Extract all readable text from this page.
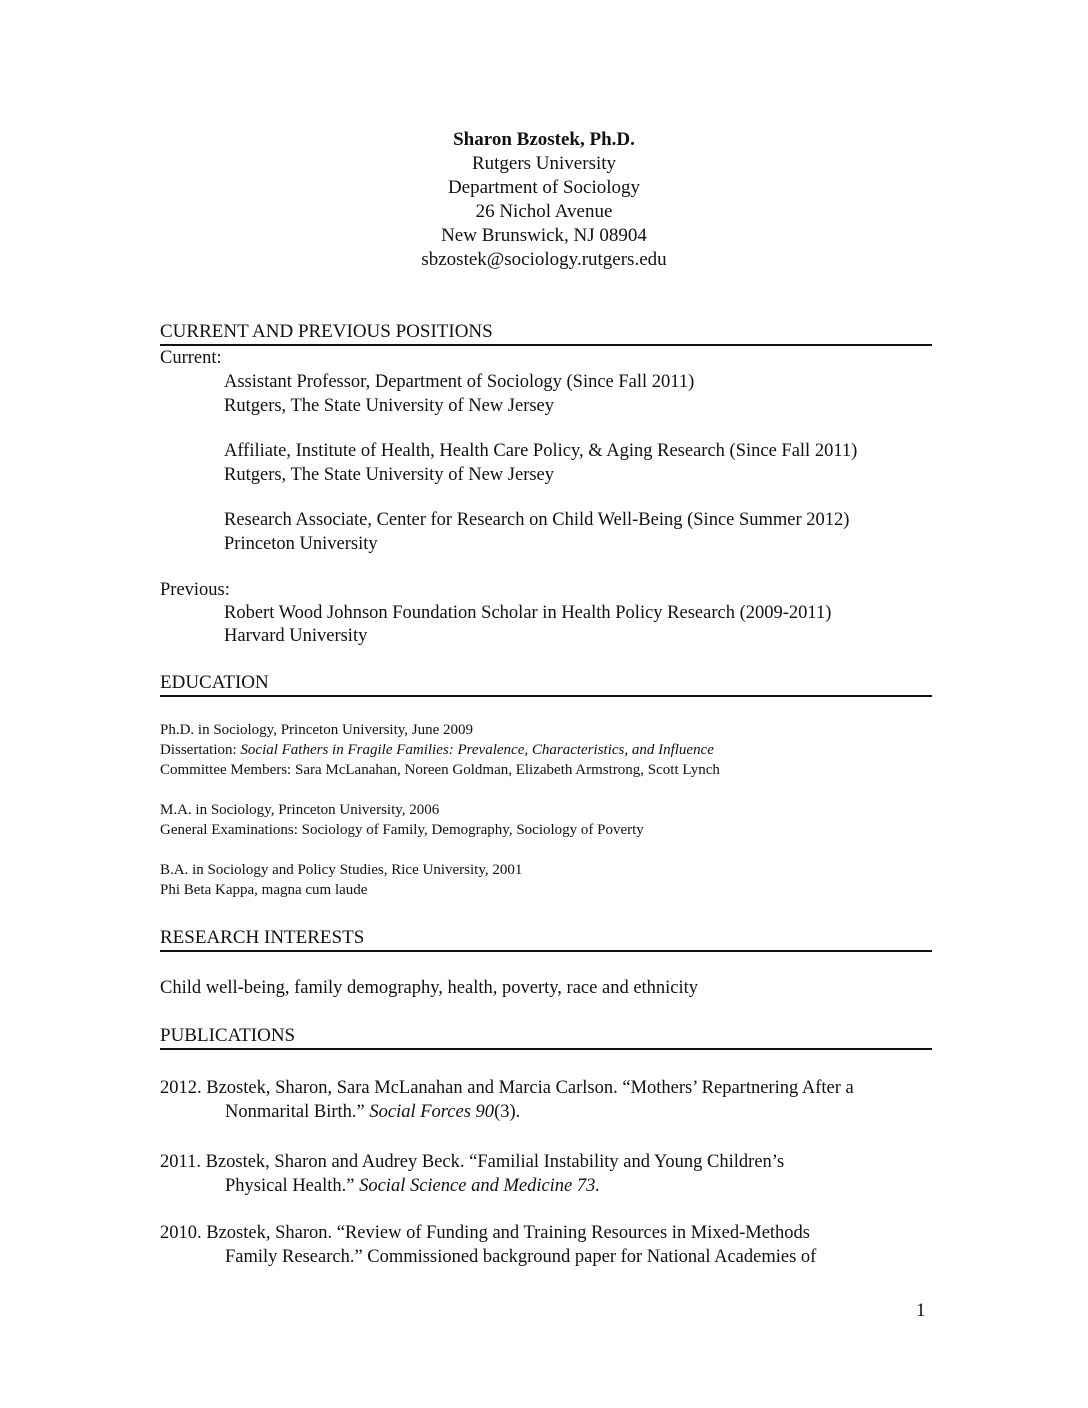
Sharon Bzostek, Ph.D.
Rutgers University
Department of Sociology
26 Nichol Avenue
New Brunswick, NJ 08904
sbzostek@sociology.rutgers.edu
CURRENT AND PREVIOUS POSITIONS
Current:
Assistant Professor, Department of Sociology (Since Fall 2011)
Rutgers, The State University of New Jersey
Affiliate, Institute of Health, Health Care Policy, & Aging Research (Since Fall 2011)
Rutgers, The State University of New Jersey
Research Associate, Center for Research on Child Well-Being (Since Summer 2012)
Princeton University
Previous:
Robert Wood Johnson Foundation Scholar in Health Policy Research (2009-2011)
Harvard University
EDUCATION
Ph.D. in Sociology, Princeton University, June 2009
Dissertation: Social Fathers in Fragile Families: Prevalence, Characteristics, and Influence
Committee Members: Sara McLanahan, Noreen Goldman, Elizabeth Armstrong, Scott Lynch
M.A. in Sociology, Princeton University, 2006
General Examinations: Sociology of Family, Demography, Sociology of Poverty
B.A. in Sociology and Policy Studies, Rice University, 2001
Phi Beta Kappa, magna cum laude
RESEARCH INTERESTS
Child well-being, family demography, health, poverty, race and ethnicity
PUBLICATIONS
2012. Bzostek, Sharon, Sara McLanahan and Marcia Carlson. “Mothers’ Repartnering After a
Nonmarital Birth.” Social Forces 90(3).
2011. Bzostek, Sharon and Audrey Beck. “Familial Instability and Young Children’s
Physical Health.” Social Science and Medicine 73.
2010. Bzostek, Sharon. “Review of Funding and Training Resources in Mixed-Methods
Family Research.” Commissioned background paper for National Academies of
1
